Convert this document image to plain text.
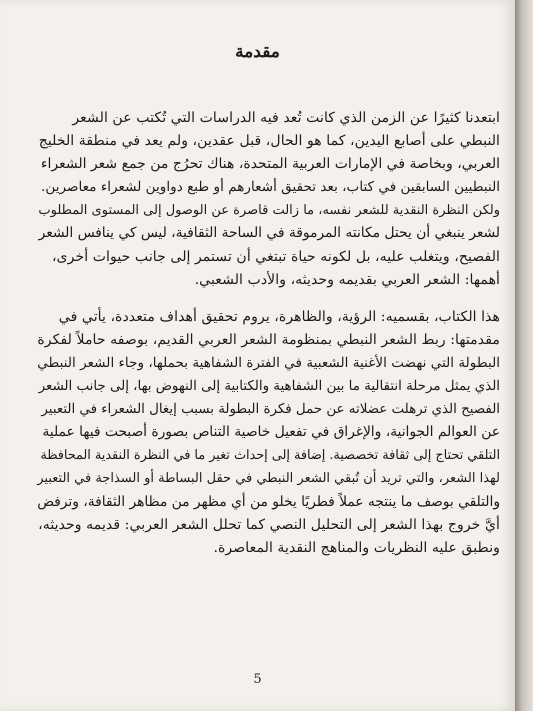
مقدمة
ابتعدنا كثيرًا عن الزمن الذي كانت تُعد فيه الدراسات التي تُكتب عن الشعر
النبطي على أصابع اليدين، كما هو الحال، قبل عقدين، ولم يعد في منطقة الخليج
العربي، وبخاصة في الإمارات العربية المتحدة، هناك تحرُج من جمع شعر الشعراء
النبطيين السابقين في كتاب، بعد تحقيق أشعارهم أو طبع دواوين لشعراء معاصرين.
ولكن النظرة النقدية للشعر نفسه، ما زالت قاصرة عن الوصول إلى المستوى المطلوب
لشعر ينبغي أن يحتل مكانته المرموقة في الساحة الثقافية، ليس كي ينافس الشعر
الفصيح، ويتغلب عليه، بل لكونه حياة تبتغي أن تستمر إلى جانب حيوات أخرى،
أهمها: الشعر العربي بقديمه وحديثه، والأدب الشعبي.
هذا الكتاب، بقسميه: الرؤية، والظاهرة، يروم تحقيق أهداف متعددة، يأتي في
مقدمتها: ربط الشعر النبطي بمنظومة الشعر العربي القديم، بوصفه حاملاً لفكرة
البطولة التي نهضت الأغنية الشعبية في الفترة الشفاهية بحملها، وجاء الشعر النبطي
الذي يمثل مرحلة انتقالية ما بين الشفاهية والكتابية إلى النهوض بها، إلى جانب الشعر
الفصيح الذي ترهلت عضلاته عن حمل فكرة البطولة بسبب إيغال الشعراء في التعبير
عن العوالم الجوانية، والإغراق في تفعيل خاصية التناص بصورة أصبحت فيها عملية
التلقي تحتاج إلى ثقافة تخصصية. إضافة إلى إحداث تغير ما في النظرة النقدية المحافظة
لهذا الشعر، والتي تريد أن تُبقي الشعر النبطي في حقل البساطة أو السذاجة في التعبير
والتلقي بوصف ما ينتجه عملاً فطريًا يخلو من أي مظهر من مظاهر الثقافة، وترفض
أيَّ خروج بهذا الشعر إلى التحليل النصي كما تحلل الشعر العربي: قديمه وحديثه،
ونطبق عليه النظريات والمناهج النقدية المعاصرة.
5
